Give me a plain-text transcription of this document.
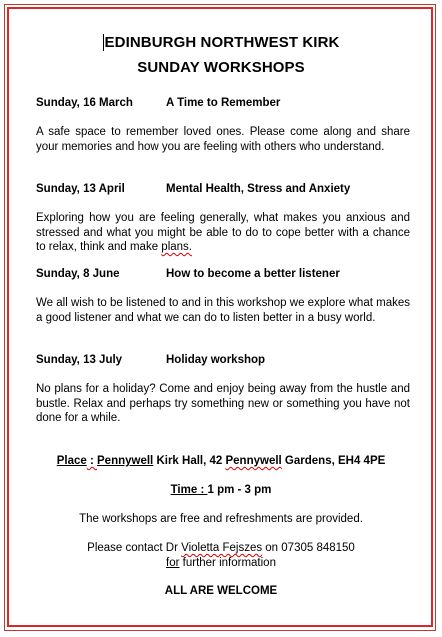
EDINBURGH NORTHWEST KIRK
SUNDAY WORKSHOPS
Sunday, 16 March	A Time to Remember
A safe space to remember loved ones. Please come along and share your memories and how you are feeling with others who understand.
Sunday, 13 April	Mental Health, Stress and Anxiety
Exploring how you are feeling generally, what makes you anxious and stressed and what you might be able to do to cope better with a chance to relax, think and make plans.
Sunday, 8 June	How to become a better listener
We all wish to be listened to and in this workshop we explore what makes a good listener and what we can do to listen better in a busy world.
Sunday, 13 July	Holiday workshop
No plans for a holiday? Come and enjoy being away from the hustle and bustle. Relax and perhaps try something new or something you have not done for a while.
Place : Pennywell Kirk Hall, 42 Pennywell Gardens, EH4 4PE
Time : 1 pm - 3 pm
The workshops are free and refreshments are provided.
Please contact Dr Violetta Fejszes on 07305 848150
for further information
ALL ARE WELCOME
